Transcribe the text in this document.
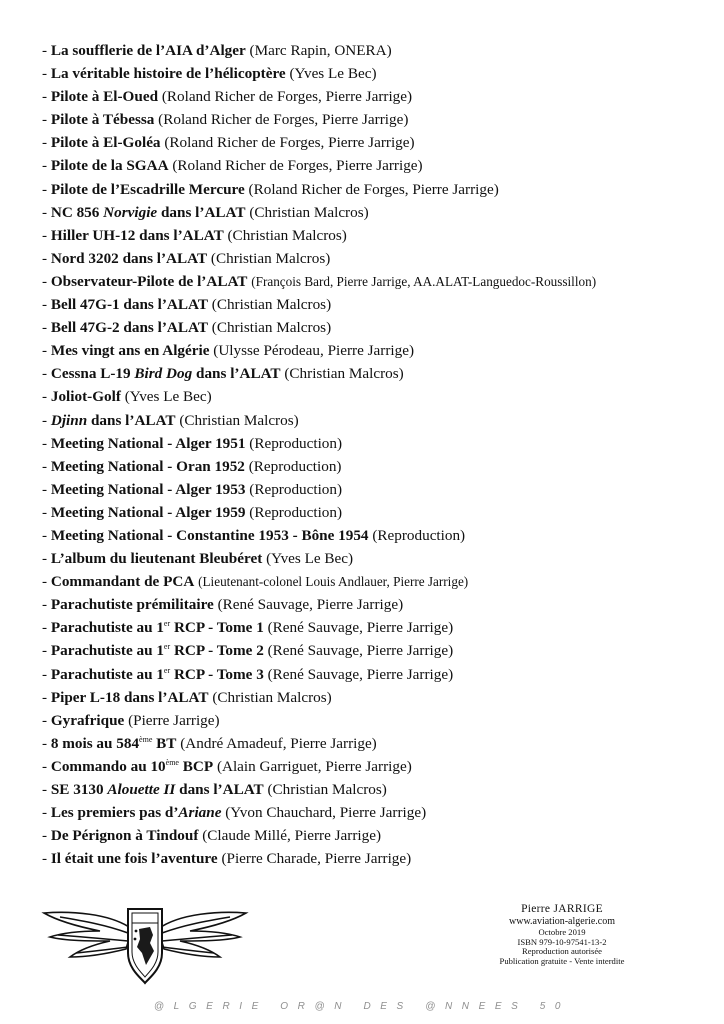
- La soufflerie de l’AIA d’Alger (Marc Rapin, ONERA)
- La véritable histoire de l’hélicoptère (Yves Le Bec)
- Pilote à El-Oued (Roland Richer de Forges, Pierre Jarrige)
- Pilote à Tébessa (Roland Richer de Forges, Pierre Jarrige)
- Pilote à El-Goléa (Roland Richer de Forges, Pierre Jarrige)
- Pilote de la SGAA (Roland Richer de Forges, Pierre Jarrige)
- Pilote de l’Escadrille Mercure (Roland Richer de Forges, Pierre Jarrige)
- NC 856 Norvigie dans l’ALAT (Christian Malcros)
- Hiller UH-12 dans l’ALAT (Christian Malcros)
- Nord 3202 dans l’ALAT (Christian Malcros)
- Observateur-Pilote de l’ALAT (François Bard, Pierre Jarrige, AA.ALAT-Languedoc-Roussillon)
- Bell 47G-1 dans l’ALAT (Christian Malcros)
- Bell 47G-2 dans l’ALAT (Christian Malcros)
- Mes vingt ans en Algérie (Ulysse Pérodeau, Pierre Jarrige)
- Cessna L-19 Bird Dog dans l’ALAT (Christian Malcros)
- Joliot-Golf (Yves Le Bec)
- Djinn dans l’ALAT (Christian Malcros)
- Meeting National - Alger 1951 (Reproduction)
- Meeting National - Oran 1952 (Reproduction)
- Meeting National - Alger 1953 (Reproduction)
- Meeting National - Alger 1959 (Reproduction)
- Meeting National - Constantine 1953 - Bône 1954 (Reproduction)
- L’album du lieutenant Bleubéret (Yves Le Bec)
- Commandant de PCA (Lieutenant-colonel Louis Andlauer, Pierre Jarrige)
- Parachutiste prémilitaire (René Sauvage, Pierre Jarrige)
- Parachutiste au 1er RCP - Tome 1 (René Sauvage, Pierre Jarrige)
- Parachutiste au 1er RCP - Tome 2 (René Sauvage, Pierre Jarrige)
- Parachutiste au 1er RCP - Tome 3 (René Sauvage, Pierre Jarrige)
- Piper L-18 dans l’ALAT (Christian Malcros)
- Gyrafrique (Pierre Jarrige)
- 8 mois au 584ème BT (André Amadeuf, Pierre Jarrige)
- Commando au 10ème BCP (Alain Garriguet, Pierre Jarrige)
- SE 3130 Alouette II dans l’ALAT (Christian Malcros)
- Les premiers pas d’Ariane (Yvon Chauchard, Pierre Jarrige)
- De Pérignon à Tindouf (Claude Millé, Pierre Jarrige)
- Il était une fois l’aventure (Pierre Charade, Pierre Jarrige)
Pierre JARRIGE
www.aviation-algerie.com
Octobre 2019
ISBN 979-10-97541-13-2
Reproduction autorisée
Publication gratuite - Vente interdite
@LGERIE OR@N DES @NNEES 50
